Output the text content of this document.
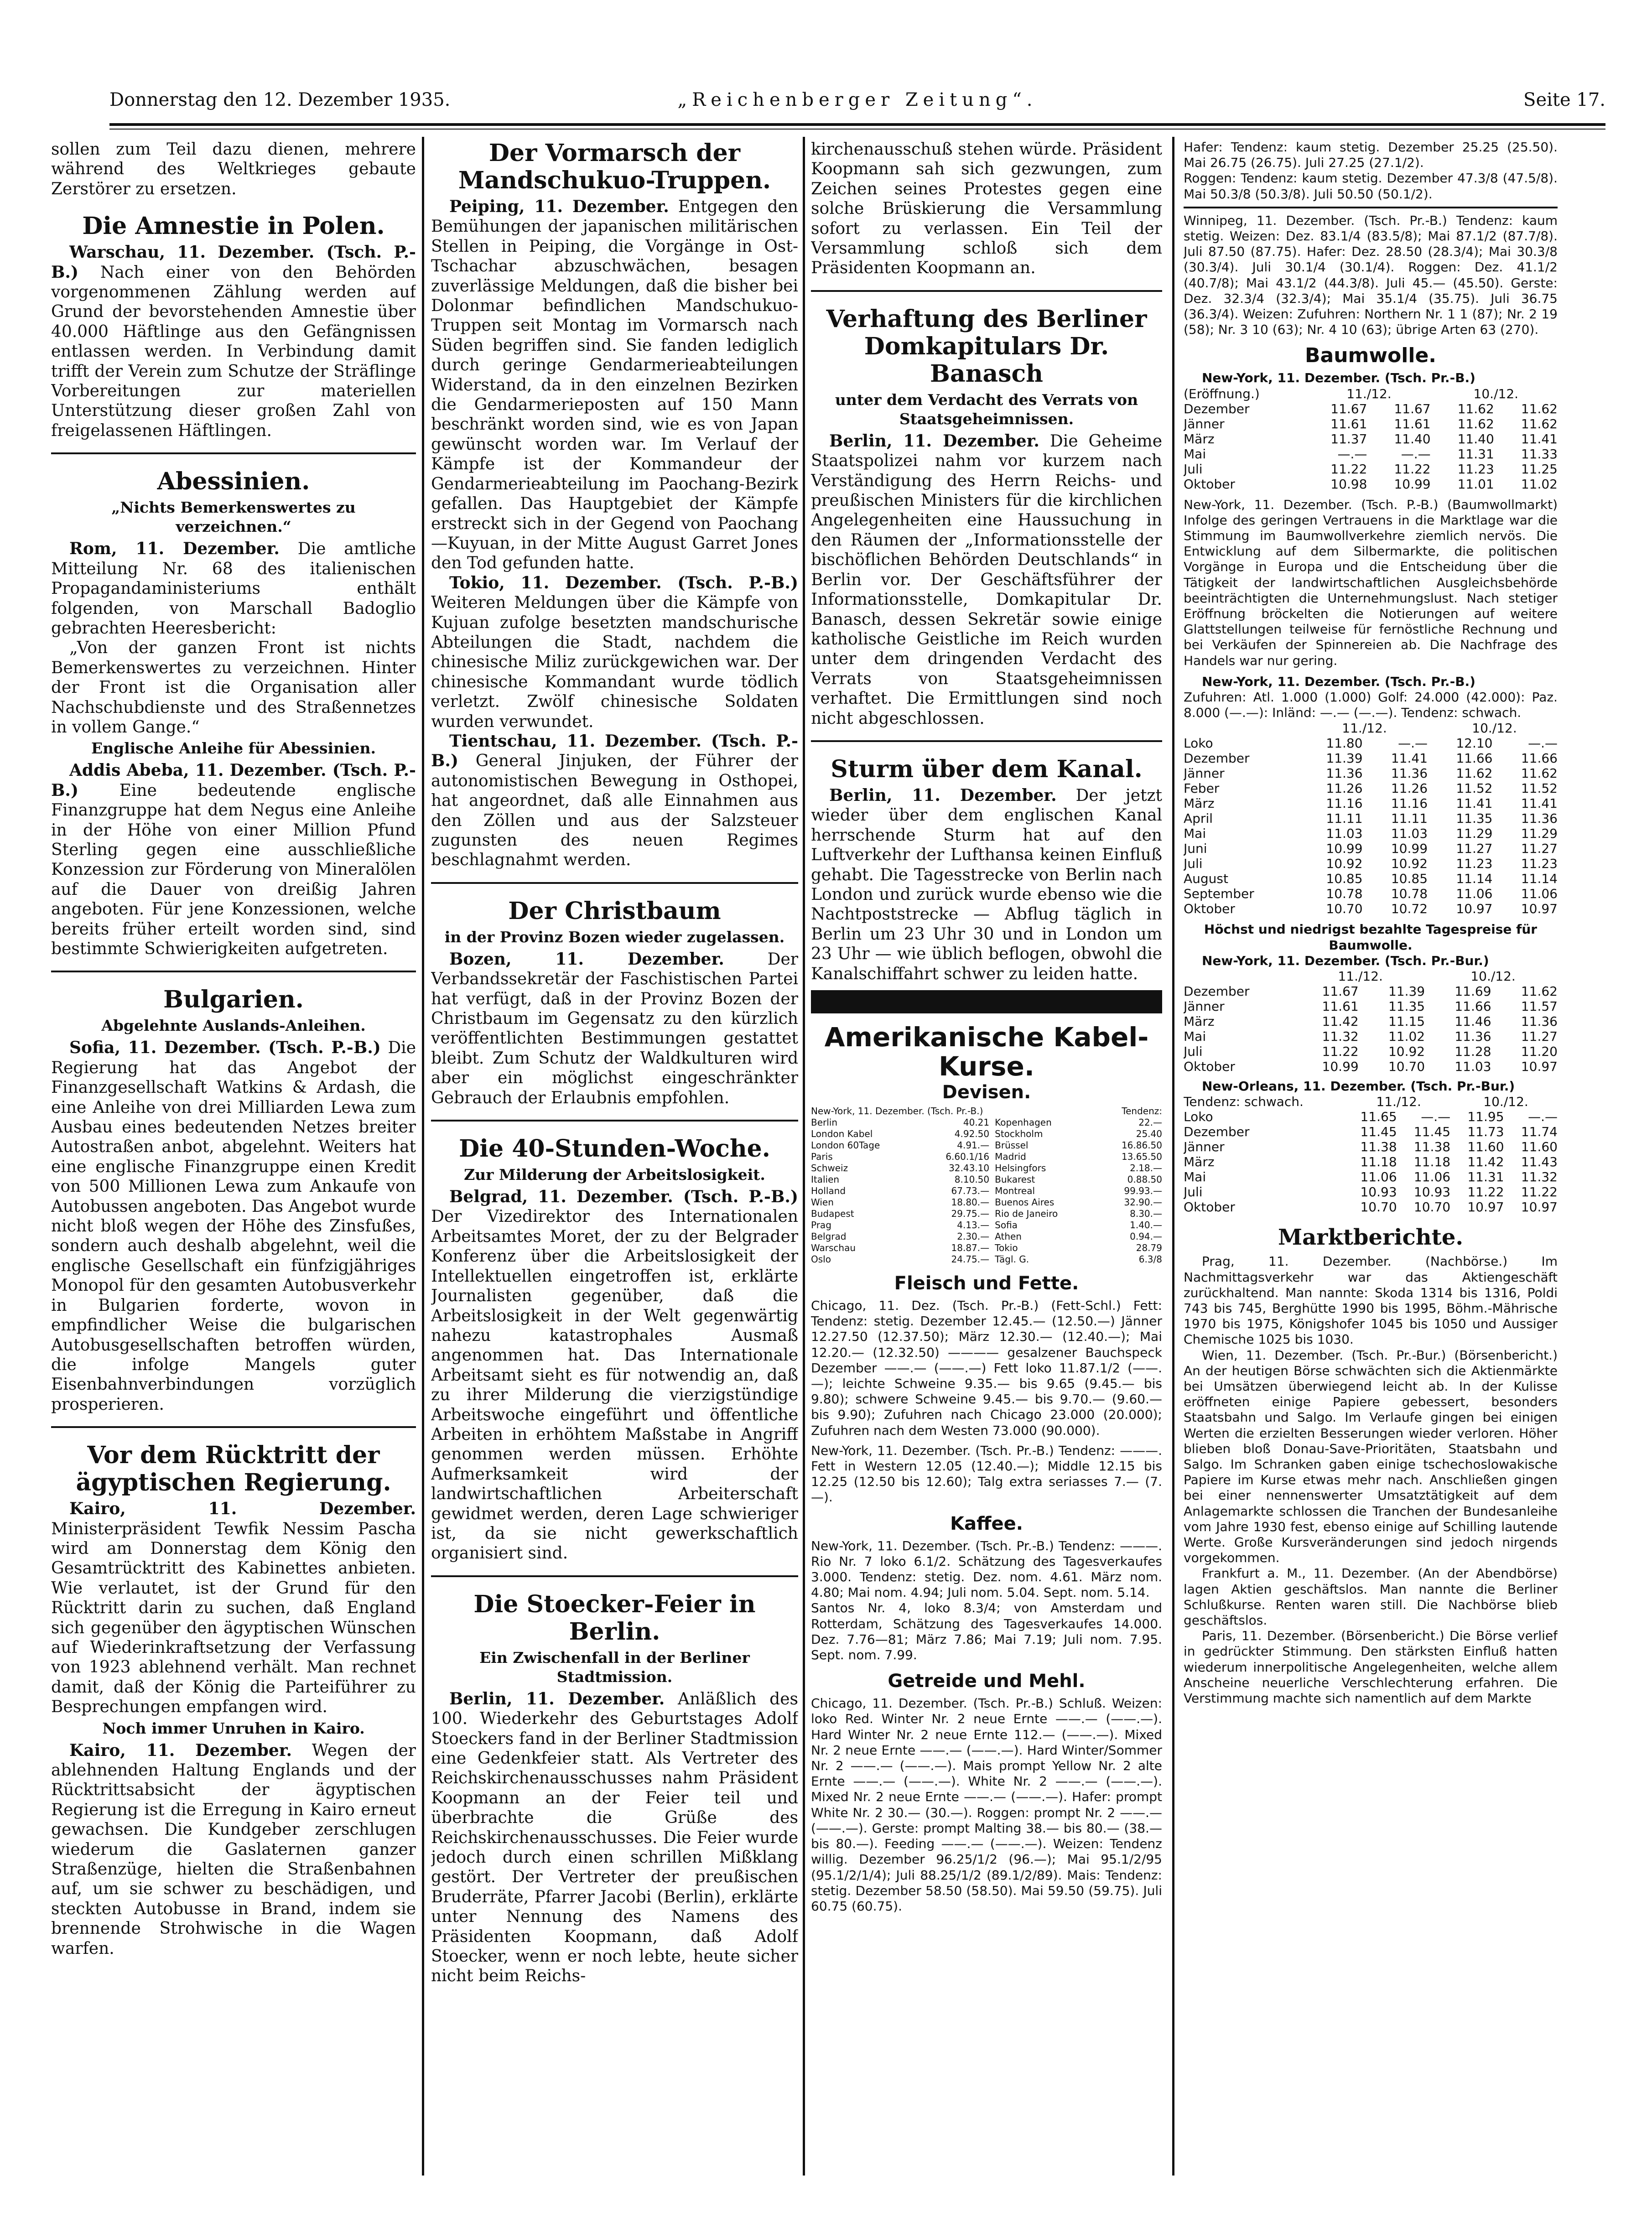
Donnerstag den 12. Dezember 1935.	„Reichenberger Zeitung“.	Seite 17.

sollen zum Teil dazu dienen, mehrere während des Weltkrieges gebaute Zerstörer zu ersetzen.

Die Amnestie in Polen.

Warschau, 11. Dezember. (Tsch. P.-B.) Nach einer von den Behörden vorgenommenen Zählung werden auf Grund der bevorstehenden Amnestie über 40.000 Häftlinge aus den Gefängnissen entlassen werden. In Verbindung damit trifft der Verein zum Schutze der Sträflinge Vorbereitungen zur materiellen Unterstützung dieser großen Zahl von freigelassenen Häftlingen.

Abessinien.
„Nichts Bemerkenswertes zu verzeichnen.“

Rom, 11. Dezember. Die amtliche Mitteilung Nr. 68 des italienischen Propagandaministeriums enthält folgenden, von Marschall Badoglio gebrachten Heeresbericht:

„Von der ganzen Front ist nichts Bemerkenswertes zu verzeichnen. Hinter der Front ist die Organisation aller Nachschubdienste und des Straßennetzes in vollem Gange.“

Englische Anleihe für Abessinien.

Addis Abeba, 11. Dezember. (Tsch. P.-B.) Eine bedeutende englische Finanzgruppe hat dem Negus eine Anleihe in der Höhe von einer Million Pfund Sterling gegen eine ausschließliche Konzession zur Förderung von Mineralölen auf die Dauer von dreißig Jahren angeboten. Für jene Konzessionen, welche bereits früher erteilt worden sind, sind bestimmte Schwierigkeiten aufgetreten.

Bulgarien.
Abgelehnte Auslands-Anleihen.

Sofia, 11. Dezember. (Tsch. P.-B.) Die Regierung hat das Angebot der Finanzgesellschaft Watkins & Ardash, die eine Anleihe von drei Milliarden Lewa zum Ausbau eines bedeutenden Netzes breiter Autostraßen anbot, abgelehnt. Weiters hat eine englische Finanzgruppe einen Kredit von 500 Millionen Lewa zum Ankaufe von Autobussen angeboten. Das Angebot wurde nicht bloß wegen der Höhe des Zinsfußes, sondern auch deshalb abgelehnt, weil die englische Gesellschaft ein fünfzigjähriges Monopol für den gesamten Autobusverkehr in Bulgarien forderte, wovon in empfindlicher Weise die bulgarischen Autobusgesellschaften betroffen würden, die infolge Mangels guter Eisenbahnverbindungen vorzüglich prosperieren.

Vor dem Rücktritt der ägyptischen Regierung.

Kairo, 11. Dezember. Ministerpräsident Tewfik Nessim Pascha wird am Donnerstag dem König den Gesamtrücktritt des Kabinettes anbieten. Wie verlautet, ist der Grund für den Rücktritt darin zu suchen, daß England sich gegenüber den ägyptischen Wünschen auf Wiederinkraftsetzung der Verfassung von 1923 ablehnend verhält. Man rechnet damit, daß der König die Parteiführer zu Besprechungen empfangen wird.

Noch immer Unruhen in Kairo.

Kairo, 11. Dezember. Wegen der ablehnenden Haltung Englands und der Rücktrittsabsicht der ägyptischen Regierung ist die Erregung in Kairo erneut gewachsen. Die Kundgeber zerschlugen wiederum die Gaslaternen ganzer Straßenzüge, hielten die Straßenbahnen auf, um sie schwer zu beschädigen, und steckten Autobusse in Brand, indem sie brennende Strohwische in die Wagen warfen.

Der Vormarsch der Mandschukuo-Truppen.

Peiping, 11. Dezember. Entgegen den Bemühungen der japanischen militärischen Stellen in Peiping, die Vorgänge in Ost-Tschachar abzuschwächen, besagen zuverlässige Meldungen, daß die bisher bei Dolonmar befindlichen Mandschukuo-Truppen seit Montag im Vormarsch nach Süden begriffen sind. Sie fanden lediglich durch geringe Gendarmerieabteilungen Widerstand, da in den einzelnen Bezirken die Gendarmerieposten auf 150 Mann beschränkt worden sind, wie es von Japan gewünscht worden war. Im Verlauf der Kämpfe ist der Kommandeur der Gendarmerieabteilung im Paochang-Bezirk gefallen. Das Hauptgebiet der Kämpfe erstreckt sich in der Gegend von Paochang—Kuyuan, in der Mitte August Garret Jones den Tod gefunden hatte.

Tokio, 11. Dezember. (Tsch. P.-B.) Weiteren Meldungen über die Kämpfe von Kujuan zufolge besetzten mandschurische Abteilungen die Stadt, nachdem die chinesische Miliz zurückgewichen war. Der chinesische Kommandant wurde tödlich verletzt. Zwölf chinesische Soldaten wurden verwundet.

Tientschau, 11. Dezember. (Tsch. P.-B.) General Jinjuken, der Führer der autonomistischen Bewegung in Osthopei, hat angeordnet, daß alle Einnahmen aus den Zöllen und aus der Salzsteuer zugunsten des neuen Regimes beschlagnahmt werden.

Der Christbaum
in der Provinz Bozen wieder zugelassen.

Bozen, 11. Dezember.	Der Verbandssekretär der Faschistischen Partei hat verfügt, daß in der Provinz Bozen der Christbaum im Gegensatz zu den kürzlich veröffentlichten Bestimmungen gestattet bleibt. Zum Schutz der Waldkulturen wird aber ein möglichst eingeschränkter Gebrauch der Erlaubnis empfohlen.

Die 40-Stunden-Woche.
Zur Milderung der Arbeitslosigkeit.

Belgrad, 11. Dezember. (Tsch. P.-B.) Der Vizedirektor des Internationalen Arbeitsamtes Moret, der zu der Belgrader Konferenz über die Arbeitslosigkeit der Intellektuellen eingetroffen ist, erklärte Journalisten gegenüber, daß die Arbeitslosigkeit in der Welt gegenwärtig nahezu katastrophales Ausmaß angenommen hat. Das Internationale Arbeitsamt sieht es für notwendig an, daß zu ihrer Milderung die vierzigstündige Arbeitswoche eingeführt und öffentliche Arbeiten in erhöhtem Maßstabe in Angriff genommen werden müssen. Erhöhte Aufmerksamkeit wird der landwirtschaftlichen Arbeiterschaft gewidmet werden, deren Lage schwieriger ist, da sie nicht gewerkschaftlich organisiert sind.

Die Stoecker-Feier in Berlin.
Ein Zwischenfall in der Berliner Stadtmission.

Berlin, 11. Dezember. Anläßlich des 100. Wiederkehr des Geburtstages Adolf Stoeckers fand in der Berliner Stadtmission eine Gedenkfeier statt. Als Vertreter des Reichskirchenausschusses nahm Präsident Koopmann an der Feier teil und überbrachte die Grüße des Reichskirchenausschusses. Die Feier wurde jedoch durch einen schrillen Mißklang gestört. Der Vertreter der preußischen Bruderräte, Pfarrer Jacobi (Berlin), erklärte unter Nennung des Namens des Präsidenten Koopmann, daß Adolf Stoecker, wenn er noch lebte, heute sicher nicht beim Reichs-

kirchenausschuß stehen würde. Präsident Koopmann sah sich gezwungen, zum Zeichen seines Protestes gegen eine solche Brüskierung die Versammlung sofort zu verlassen. Ein Teil der Versammlung schloß sich dem Präsidenten Koopmann an.

Verhaftung des Berliner Domkapitulars Dr. Banasch
unter dem Verdacht des Verrats von Staatsgeheimnissen.

Berlin, 11. Dezember. Die Geheime Staatspolizei nahm vor kurzem nach Verständigung des Herrn Reichs- und preußischen Ministers für die kirchlichen Angelegenheiten eine Haussuchung in den Räumen der „Informationsstelle der bischöflichen Behörden Deutschlands“ in Berlin vor. Der Geschäftsführer der Informationsstelle, Domkapitular Dr. Banasch, dessen Sekretär sowie einige katholische Geistliche im Reich wurden unter dem dringenden Verdacht des Verrats von Staatsgeheimnissen verhaftet. Die Ermittlungen sind noch nicht abgeschlossen.

Sturm über dem Kanal.

Berlin, 11. Dezember. Der jetzt wieder über dem englischen Kanal herrschende Sturm hat auf den Luftverkehr der Lufthansa keinen Einfluß gehabt. Die Tagesstrecke von Berlin nach London und zurück wurde ebenso wie die Nachtpoststrecke — Abflug täglich in Berlin um 23 Uhr 30 und in London um 23 Uhr — wie üblich beflogen, obwohl die Kanalschiffahrt schwer zu leiden hatte.

Amerikanische Kabel-Kurse.
Devisen.
New-York, 11. Dezember. (Tsch. Pr.-B.)			Tendenz:
Berlin	40.21	Kopenhagen	22.—
London Kabel	4.92.50	Stockholm	25.40
London 60Tage	4.91.—	Brüssel	16.86.50
Paris	6.60.1/16	Madrid	13.65.50
Schweiz	32.43.10	Helsingfors	2.18.—
Italien	8.10.50	Bukarest	0.88.50
Holland	67.73.—	Montreal	99.93.—
Wien	18.80.—	Buenos Aires	32.90.—
Budapest	29.75.—	Rio de Janeiro	8.30.—
Prag	4.13.—	Sofia	1.40.—
Belgrad	2.30.—	Athen	0.94.—
Warschau	18.87.—	Tokio	28.79
Oslo	24.75.—	Tägl. G.	6.3/8
Fleisch und Fette.

Chicago, 11. Dez. (Tsch. Pr.-B.) (Fett-Schl.) Fett: Tendenz: stetig. Dezember 12.45.— (12.50.—) Jänner 12.27.50 (12.37.50); März 12.30.— (12.40.—); Mai 12.20.— (12.32.50) ———— gesalzener Bauchspeck Dezember ——.— (——.—) Fett loko 11.87.1/2 (——.—); leichte Schweine 9.35.— bis 9.65 (9.45.— bis 9.80); schwere Schweine 9.45.— bis 9.70.— (9.60.— bis 9.90); Zufuhren nach Chicago 23.000 (20.000); Zufuhren nach dem Westen 73.000 (90.000).

New-York, 11. Dezember. (Tsch. Pr.-B.) Tendenz: ———. Fett in Western 12.05 (12.40.—); Middle 12.15 bis 12.25 (12.50 bis 12.60); Talg extra seriasses 7.— (7.—).

Kaffee.

New-York, 11. Dezember. (Tsch. Pr.-B.) Tendenz: ———. Rio Nr. 7 loko 6.1/2. Schätzung des Tagesverkaufes 3.000. Tendenz: stetig. Dez. nom. 4.61. März nom. 4.80; Mai nom. 4.94; Juli nom. 5.04. Sept. nom. 5.14.

Santos Nr. 4, loko 8.3/4; von Amsterdam und Rotterdam, Schätzung des Tagesverkaufes 14.000. Dez. 7.76—81; März 7.86; Mai 7.19; Juli nom. 7.95. Sept. nom. 7.99.

Getreide und Mehl.

Chicago, 11. Dezember. (Tsch. Pr.-B.) Schluß. Weizen: loko Red. Winter Nr. 2 neue Ernte ——.— (——.—). Hard Winter Nr. 2 neue Ernte 112.— (——.—). Mixed Nr. 2 neue Ernte ——.— (——.—). Hard Winter/Sommer Nr. 2 ——.— (——.—). Mais prompt Yellow Nr. 2 alte Ernte ——.— (——.—). White Nr. 2 ——.— (——.—). Mixed Nr. 2 neue Ernte ——.— (——.—). Hafer: prompt White Nr. 2 30.— (30.—). Roggen: prompt Nr. 2 ——.— (——.—). Gerste: prompt Malting 38.— bis 80.— (38.— bis 80.—). Feeding ——.— (——.—). Weizen: Tendenz willig. Dezember 96.25/1/2 (96.—); Mai 95.1/2/95 (95.1/2/1/4); Juli 88.25/1/2 (89.1/2/89). Mais: Tendenz: stetig. Dezember 58.50 (58.50). Mai 59.50 (59.75). Juli 60.75 (60.75).

Hafer: Tendenz: kaum stetig. Dezember 25.25 (25.50). Mai 26.75 (26.75). Juli 27.25 (27.1/2).

Roggen: Tendenz: kaum stetig. Dezember 47.3/8 (47.5/8). Mai 50.3/8 (50.3/8). Juli 50.50 (50.1/2).

Winnipeg, 11. Dezember. (Tsch. Pr.-B.) Tendenz: kaum stetig. Weizen: Dez. 83.1/4 (83.5/8); Mai 87.1/2 (87.7/8). Juli 87.50 (87.75). Hafer: Dez. 28.50 (28.3/4); Mai 30.3/8 (30.3/4). Juli 30.1/4 (30.1/4). Roggen: Dez. 41.1/2 (40.7/8); Mai 43.1/2 (44.3/8). Juli 45.— (45.50). Gerste: Dez. 32.3/4 (32.3/4); Mai 35.1/4 (35.75). Juli 36.75 (36.3/4). Weizen: Zufuhren: Northern Nr. 1 1 (87); Nr. 2 19 (58); Nr. 3 10 (63); Nr. 4 10 (63); übrige Arten 63 (270).

Baumwolle.

New-York, 11. Dezember. (Tsch. Pr.-B.)

(Eröffnung.)	11./12.		10./12.	
Dezember	11.67	11.67	11.62	11.62
Jänner	11.61	11.61	11.62	11.62
März	11.37	11.40	11.40	11.41
Mai	—.—	—.—	11.31	11.33
Juli	11.22	11.22	11.23	11.25
Oktober	10.98	10.99	11.01	11.02

New-York, 11. Dezember. (Tsch. P.-B.) (Baumwollmarkt) Infolge des geringen Vertrauens in die Marktlage war die Stimmung im Baumwollverkehre ziemlich nervös. Die Entwicklung auf dem Silbermarkte, die politischen Vorgänge in Europa und die Entscheidung über die Tätigkeit der landwirtschaftlichen Ausgleichsbehörde beeinträchtigten die Unternehmungslust. Nach stetiger Eröffnung bröckelten die Notierungen auf weitere Glattstellungen teilweise für fernöstliche Rechnung und bei Verkäufen der Spinnereien ab. Die Nachfrage des Handels war nur gering.

New-York, 11. Dezember. (Tsch. Pr.-B.)

Zufuhren: Atl. 1.000 (1.000) Golf: 24.000 (42.000): Paz. 8.000 (—.—): Inländ: —.— (—.—). Tendenz: schwach.

	11./12.		10./12.	
Loko	11.80	—.—	12.10	—.—
Dezember	11.39	11.41	11.66	11.66
Jänner	11.36	11.36	11.62	11.62
Feber	11.26	11.26	11.52	11.52
März	11.16	11.16	11.41	11.41
April	11.11	11.11	11.35	11.36
Mai	11.03	11.03	11.29	11.29
Juni	10.99	10.99	11.27	11.27
Juli	10.92	10.92	11.23	11.23
August	10.85	10.85	11.14	11.14
September	10.78	10.78	11.06	11.06
Oktober	10.70	10.72	10.97	10.97

Höchst und niedrigst bezahlte Tagespreise für Baumwolle.

New-York, 11. Dezember. (Tsch. Pr.-Bur.)

	11./12.		10./12.	
Dezember	11.67	11.39	11.69	11.62
Jänner	11.61	11.35	11.66	11.57
März	11.42	11.15	11.46	11.36
Mai	11.32	11.02	11.36	11.27
Juli	11.22	10.92	11.28	11.20
Oktober	10.99	10.70	11.03	10.97

New-Orleans, 11. Dezember. (Tsch. Pr.-Bur.)

Tendenz: schwach.	11./12.		10./12.	
Loko	11.65	—.—	11.95	—.—
Dezember	11.45	11.45	11.73	11.74
Jänner	11.38	11.38	11.60	11.60
März	11.18	11.18	11.42	11.43
Mai	11.06	11.06	11.31	11.32
Juli	10.93	10.93	11.22	11.22
Oktober	10.70	10.70	10.97	10.97
Marktberichte.

Prag, 11. Dezember. (Nachbörse.) Im Nachmittagsverkehr war das Aktiengeschäft zurückhaltend. Man nannte: Skoda 1314 bis 1316, Poldi 743 bis 745, Berghütte 1990 bis 1995, Böhm.-Mährische 1970 bis 1975, Königshofer 1045 bis 1050 und Aussiger Chemische 1025 bis 1030.

Wien, 11. Dezember. (Tsch. Pr.-Bur.) (Börsenbericht.) An der heutigen Börse schwächten sich die Aktienmärkte bei Umsätzen überwiegend leicht ab. In der Kulisse eröffneten einige Papiere gebessert, besonders Staatsbahn und Salgo. Im Verlaufe gingen bei einigen Werten die erzielten Besserungen wieder verloren. Höher blieben bloß Donau-Save-Prioritäten, Staatsbahn und Salgo. Im Schranken gaben einige tschechoslowakische Papiere im Kurse etwas mehr nach. Anschließen gingen bei einer nennenswerter Umsatztätigkeit auf dem Anlagemarkte schlossen die Tranchen der Bundesanleihe vom Jahre 1930 fest, ebenso einige auf Schilling lautende Werte. Große Kursveränderungen sind jedoch nirgends vorgekommen.

Frankfurt a. M., 11. Dezember. (An der Abendbörse) lagen Aktien geschäftslos. Man nannte die Berliner Schlußkurse. Renten waren still. Die Nachbörse blieb geschäftslos.

Paris, 11. Dezember. (Börsenbericht.) Die Börse verlief in gedrückter Stimmung. Den stärksten Einfluß hatten wiederum innerpolitische Angelegenheiten, welche allem Anscheine neuerliche Verschlechterung erfahren. Die Verstimmung machte sich namentlich auf dem Markte
